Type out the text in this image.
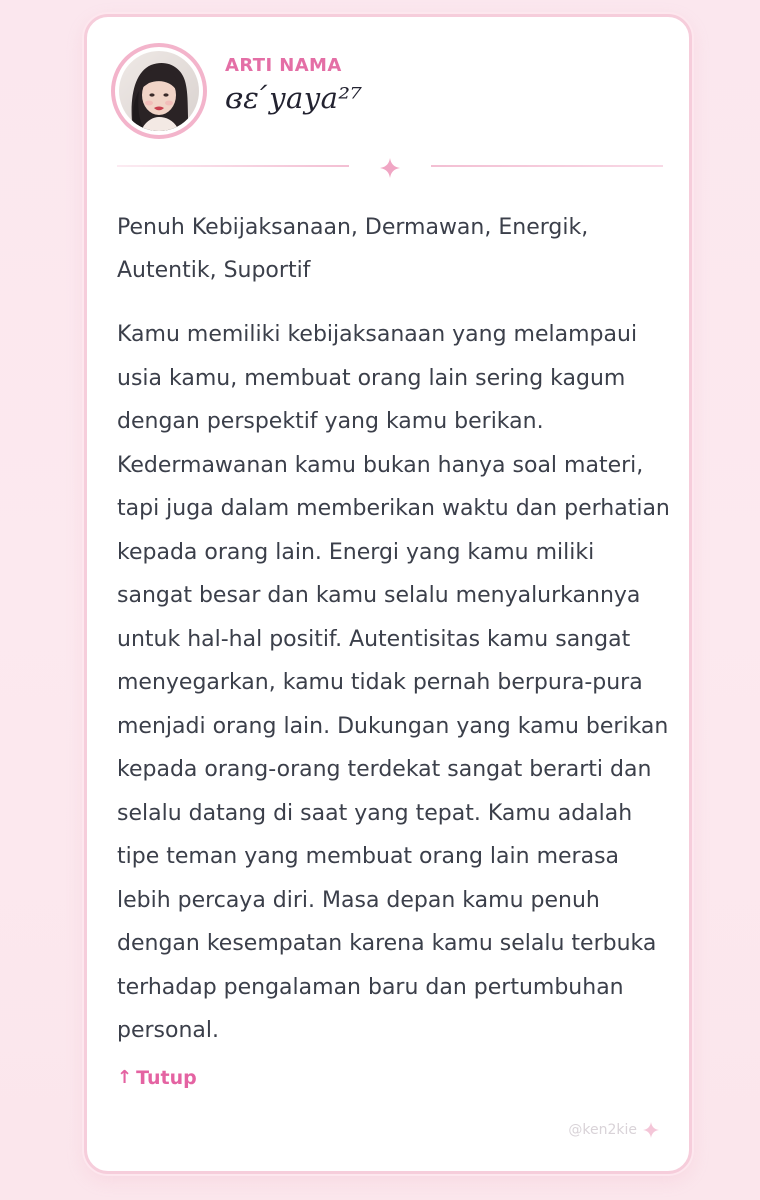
ARTI NAMA
ɞɛ ́yaya²⁷
Penuh Kebijaksanaan, Dermawan, Energik, Autentik, Suportif
Kamu memiliki kebijaksanaan yang melampaui usia kamu, membuat orang lain sering kagum dengan perspektif yang kamu berikan. Kedermawanan kamu bukan hanya soal materi, tapi juga dalam memberikan waktu dan perhatian kepada orang lain. Energi yang kamu miliki sangat besar dan kamu selalu menyalurkannya untuk hal-hal positif. Autentisitas kamu sangat menyegarkan, kamu tidak pernah berpura-pura menjadi orang lain. Dukungan yang kamu berikan kepada orang-orang terdekat sangat berarti dan selalu datang di saat yang tepat. Kamu adalah tipe teman yang membuat orang lain merasa lebih percaya diri. Masa depan kamu penuh dengan kesempatan karena kamu selalu terbuka terhadap pengalaman baru dan pertumbuhan personal.
↑ Tutup
@ken2kie
